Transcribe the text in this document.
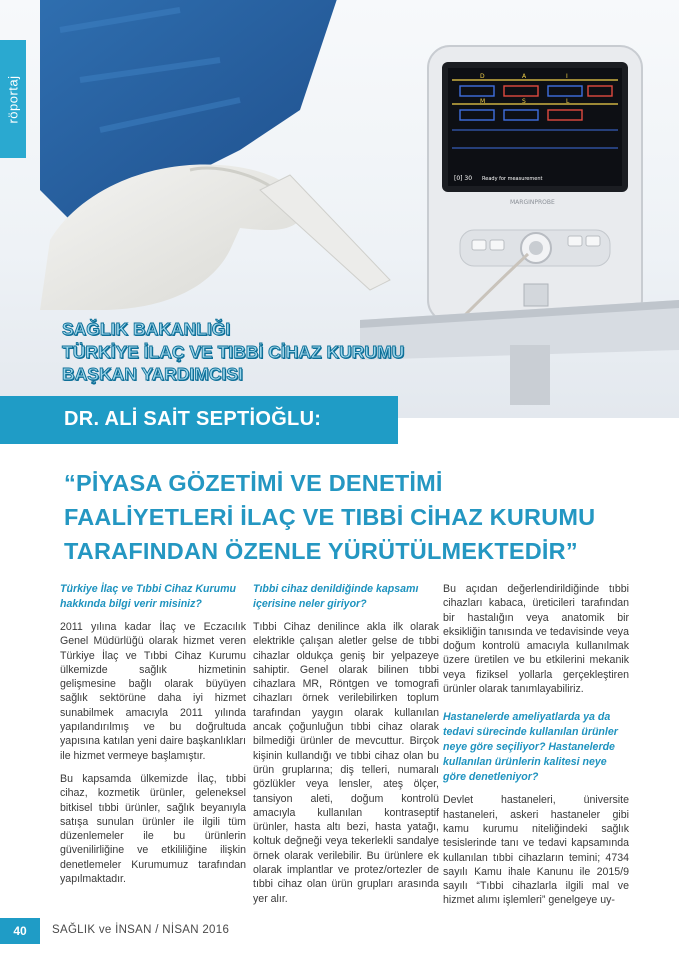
D	A	I
M	S	L
[0] 30 Ready for measurement
MARGINPROBE
röportaj
SAĞLIK BAKANLIĞI
TÜRKİYE İLAÇ VE TIBBİ CİHAZ KURUMU
BAŞKAN YARDIMCISI
DR. ALİ SAİT SEPTİOĞLU:
“PİYASA GÖZETİMİ VE DENETİMİ
FAALİYETLERİ İLAÇ VE TIBBİ CİHAZ KURUMU
TARAFINDAN ÖZENLE YÜRÜTÜLMEKTEDİR”

Türkiye İlaç ve Tıbbi Cihaz Kurumu hakkında bilgi verir misiniz?

2011 yılına kadar İlaç ve Eczacılık Genel Müdürlüğü olarak hizmet veren Türkiye İlaç ve Tıbbi Cihaz Kurumu ülkemizde sağlık hizmetinin gelişmesine bağlı olarak büyüyen sağlık sektörüne daha iyi hizmet sunabilmek amacıyla 2011 yılında yapılandırılmış ve bu doğrultuda yapısına katılan yeni daire başkanlıkları ile hizmet vermeye başlamıştır.

Bu kapsamda ülkemizde İlaç, tıbbi cihaz, kozmetik ürünler, geleneksel bitkisel tıbbi ürünler, sağlık beyanıyla satışa sunulan ürünler ile ilgili tüm düzenlemeler ile bu ürünlerin güvenilirliğine ve etkililiğine ilişkin denetlemeler Kurumumuz tarafından yapılmaktadır.

Tıbbi cihaz denildiğinde kapsamı içerisine neler giriyor?

Tıbbi Cihaz denilince akla ilk olarak elektrikle çalışan aletler gelse de tıbbi cihazlar oldukça geniş bir yelpazeye sahiptir. Genel olarak bilinen tıbbi cihazlara MR, Röntgen ve tomografi cihazları örnek verilebilirken toplum tarafından yaygın olarak kullanılan ancak çoğunluğun tıbbi cihaz olarak bilmediği ürünler de mevcuttur. Birçok kişinin kullandığı ve tıbbi cihaz olan bu ürün gruplarına; diş telleri, numaralı gözlükler veya lensler, ateş ölçer, tansiyon aleti, doğum kontrolü amacıyla kullanılan kontraseptif ürünler, hasta altı bezi, hasta yatağı, koltuk değneği veya tekerlekli sandalye örnek olarak verilebilir. Bu ürünlere ek olarak implantlar ve protez/ortezler de tıbbi cihaz olan ürün grupları arasında yer alır.

Bu açıdan değerlendirildiğinde tıbbi cihazları kabaca, üreticileri tarafından bir hastalığın veya anatomik bir eksikliğin tanısında ve tedavisinde veya doğum kontrolü amacıyla kullanılmak üzere üretilen ve bu etkilerini mekanik veya fiziksel yollarla gerçekleştiren ürünler olarak tanımlayabiliriz.

Hastanelerde ameliyatlarda ya da tedavi sürecinde kullanılan ürünler neye göre seçiliyor? Hastanelerde kullanılan ürünlerin kalitesi neye göre denetleniyor?

Devlet hastaneleri, üniversite hastaneleri, askeri hastaneler gibi kamu kurumu niteliğindeki sağlık tesislerinde tanı ve tedavi kapsamında kullanılan tıbbi cihazların temini; 4734 sayılı Kamu ihale Kanunu ile 2015/9 sayılı “Tıbbi cihazlarla ilgili mal ve hizmet alımı işlemleri” genelgeye uy-

40	SAĞLIK ve İNSAN / NİSAN 2016
